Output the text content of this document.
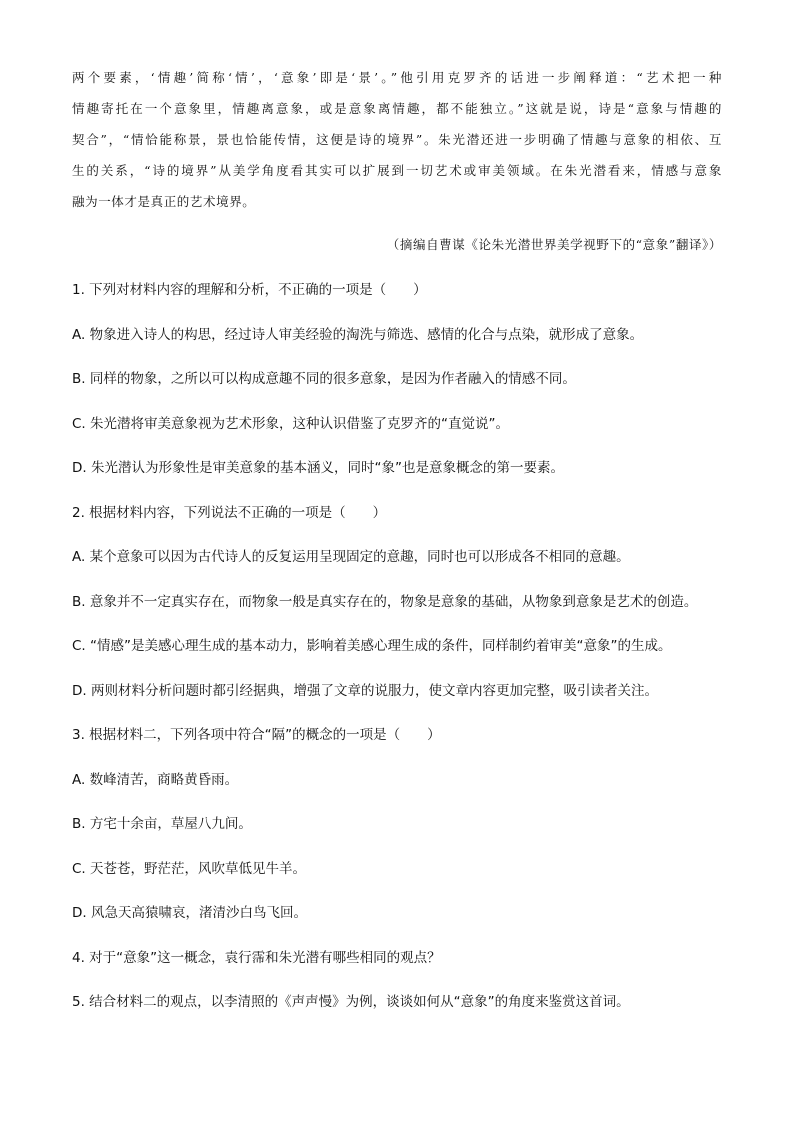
两个要素，‘情趣’简称‘情’，‘意象’即是‘景’。”他引用克罗齐的话进一步阐释道：“艺术把一种
情趣寄托在一个意象里，情趣离意象，或是意象离情趣，都不能独立。”这就是说，诗是“意象与情趣的
契合”，“情恰能称景，景也恰能传情，这便是诗的境界”。朱光潜还进一步明确了情趣与意象的相依、互
生的关系，“诗的境界”从美学角度看其实可以扩展到一切艺术或审美领域。在朱光潜看来，情感与意象
融为一体才是真正的艺术境界。
（摘编自曹谋《论朱光潜世界美学视野下的“意象”翻译》）
1. 下列对材料内容的理解和分析，不正确的一项是（　　）
A. 物象进入诗人的构思，经过诗人审美经验的淘洗与筛选、感情的化合与点染，就形成了意象。
B. 同样的物象，之所以可以构成意趣不同的很多意象，是因为作者融入的情感不同。
C. 朱光潜将审美意象视为艺术形象，这种认识借鉴了克罗齐的“直觉说”。
D. 朱光潜认为形象性是审美意象的基本涵义，同时“象”也是意象概念的第一要素。
2. 根据材料内容，下列说法不正确的一项是（　　）
A. 某个意象可以因为古代诗人的反复运用呈现固定的意趣，同时也可以形成各不相同的意趣。
B. 意象并不一定真实存在，而物象一般是真实存在的，物象是意象的基础，从物象到意象是艺术的创造。
C. “情感”是美感心理生成的基本动力，影响着美感心理生成的条件，同样制约着审美“意象”的生成。
D. 两则材料分析问题时都引经据典，增强了文章的说服力，使文章内容更加完整，吸引读者关注。
3. 根据材料二，下列各项中符合“隔”的概念的一项是（　　）
A. 数峰清苦，商略黄昏雨。
B. 方宅十余亩，草屋八九间。
C. 天苍苍，野茫茫，风吹草低见牛羊。
D. 风急天高猿啸哀，渚清沙白鸟飞回。
4. 对于“意象”这一概念，袁行霈和朱光潜有哪些相同的观点？
5. 结合材料二的观点，以李清照的《声声慢》为例，谈谈如何从“意象”的角度来鉴赏这首词。
